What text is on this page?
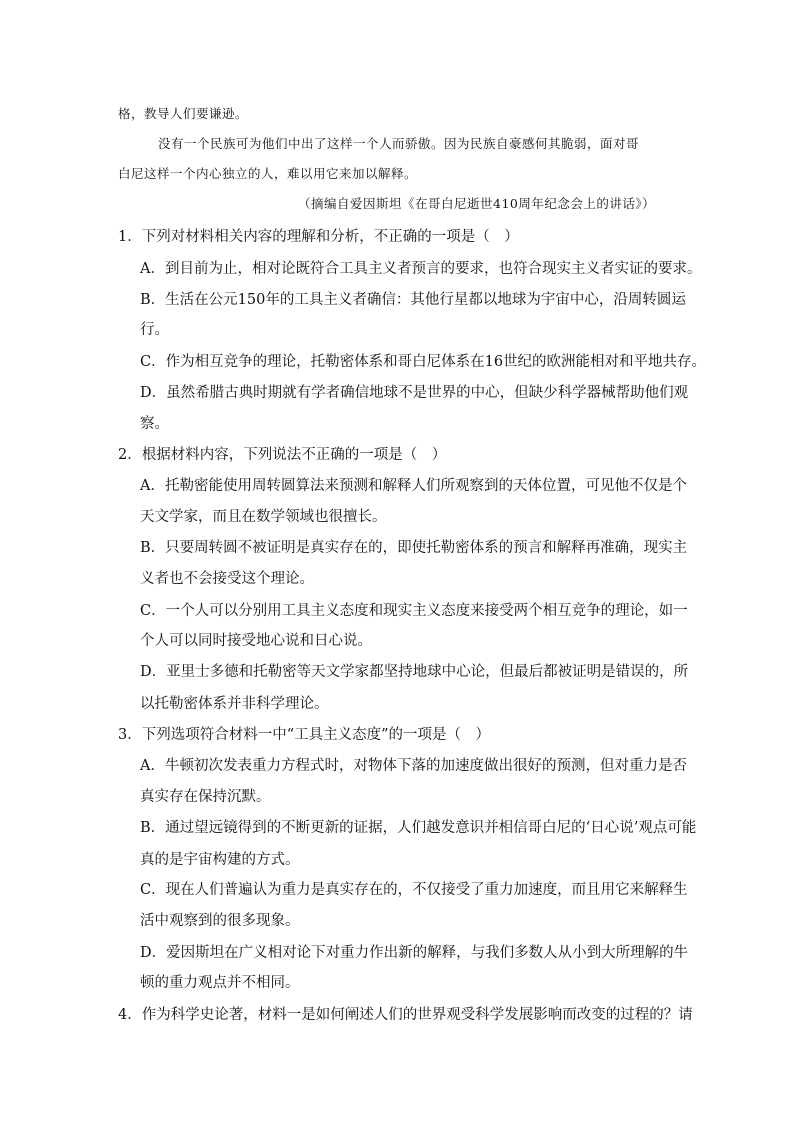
格，教导人们要谦逊。
没有一个民族可为他们中出了这样一个人而骄傲。因为民族自豪感何其脆弱，面对哥
白尼这样一个内心独立的人，难以用它来加以解释。
（摘编自爱因斯坦《在哥白尼逝世410周年纪念会上的讲话》）
1．下列对材料相关内容的理解和分析，不正确的一项是（　）
A．到目前为止，相对论既符合工具主义者预言的要求，也符合现实主义者实证的要求。
B．生活在公元150年的工具主义者确信：其他行星都以地球为宇宙中心，沿周转圆运
行。
C．作为相互竞争的理论，托勒密体系和哥白尼体系在16世纪的欧洲能相对和平地共存。
D．虽然希腊古典时期就有学者确信地球不是世界的中心，但缺少科学器械帮助他们观
察。
2．根据材料内容，下列说法不正确的一项是（　）
A．托勒密能使用周转圆算法来预测和解释人们所观察到的天体位置，可见他不仅是个
天文学家，而且在数学领域也很擅长。
B．只要周转圆不被证明是真实存在的，即使托勒密体系的预言和解释再准确，现实主
义者也不会接受这个理论。
C．一个人可以分别用工具主义态度和现实主义态度来接受两个相互竞争的理论，如一
个人可以同时接受地心说和日心说。
D．亚里士多德和托勒密等天文学家都坚持地球中心论，但最后都被证明是错误的，所
以托勒密体系并非科学理论。
3．下列选项符合材料一中“工具主义态度”的一项是（　）
A．牛顿初次发表重力方程式时，对物体下落的加速度做出很好的预测，但对重力是否
真实存在保持沉默。
B．通过望远镜得到的不断更新的证据，人们越发意识并相信哥白尼的‘日心说’观点可能
真的是宇宙构建的方式。
C．现在人们普遍认为重力是真实存在的，不仅接受了重力加速度，而且用它来解释生
活中观察到的很多现象。
D．爱因斯坦在广义相对论下对重力作出新的解释，与我们多数人从小到大所理解的牛
顿的重力观点并不相同。
4．作为科学史论著，材料一是如何阐述人们的世界观受科学发展影响而改变的过程的？请
